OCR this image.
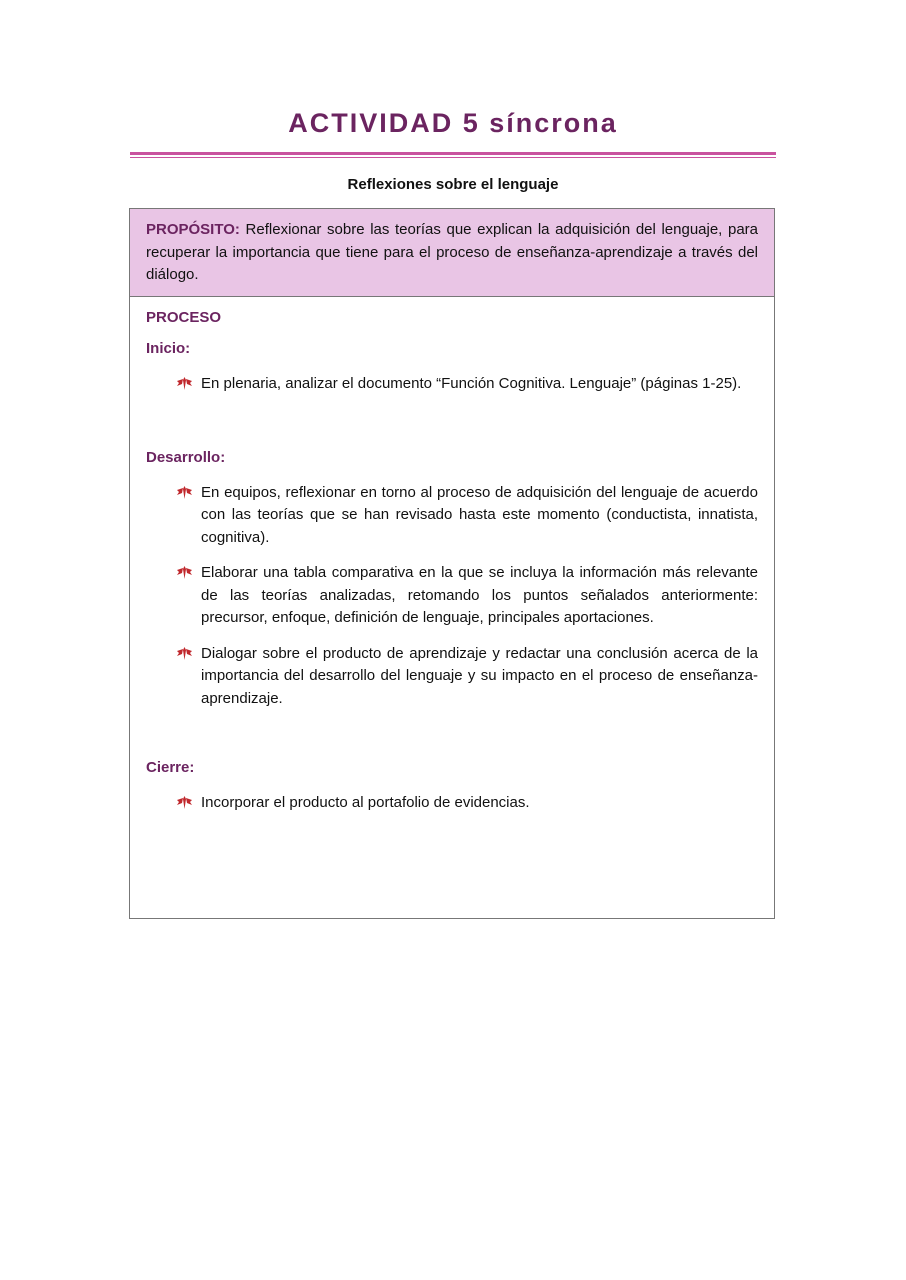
ACTIVIDAD 5 síncrona
Reflexiones sobre el lenguaje
PROPÓSITO: Reflexionar sobre las teorías que explican la adquisición del lenguaje, para recuperar la importancia que tiene para el proceso de enseñanza-aprendizaje a través del diálogo.
PROCESO
Inicio:
En plenaria, analizar el documento “Función Cognitiva. Lenguaje” (páginas 1-25).
Desarrollo:
En equipos, reflexionar en torno al proceso de adquisición del lenguaje de acuerdo con las teorías que se han revisado hasta este momento (conductista, innatista, cognitiva).
Elaborar una tabla comparativa en la que se incluya la información más relevante de las teorías analizadas, retomando los puntos señalados anteriormente: precursor, enfoque, definición de lenguaje, principales aportaciones.
Dialogar sobre el producto de aprendizaje y redactar una conclusión acerca de la importancia del desarrollo del lenguaje y su impacto en el proceso de enseñanza-aprendizaje.
Cierre:
Incorporar el producto al portafolio de evidencias.
